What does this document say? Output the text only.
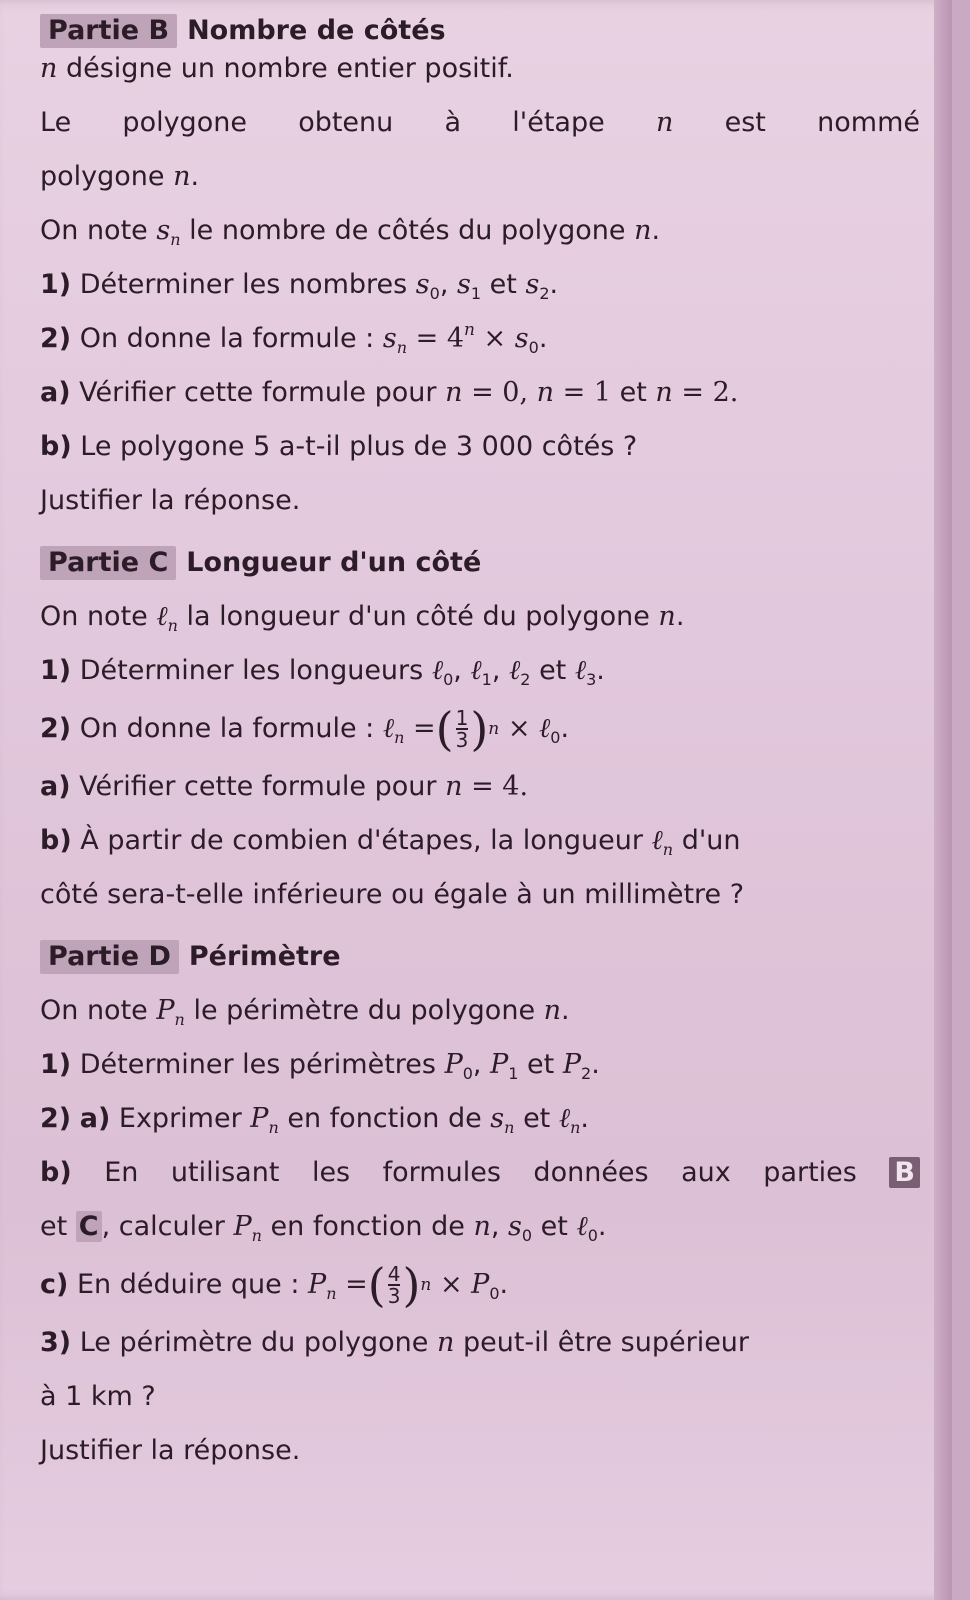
Partie B Nombre de côtés

n désigne un nombre entier positif.

Le polygone obtenu à l'étape n est nommé

polygone n.

On note $s_n$ le nombre de côtés du polygone n.

1) Déterminer les nombres $s_0$, $s_1$ et $s_2$.

2) On donne la formule : $s_n = 4^n \times s_0$.

a) Vérifier cette formule pour n = 0, n = 1 et n = 2.

b) Le polygone 5 a-t-il plus de 3 000 côtés ?

Justifier la réponse.

Partie C Longueur d'un côté

On note ℓ$_n$ la longueur d'un côté du polygone n.

1) Déterminer les longueurs ℓ$_0$, ℓ$_1$, ℓ$_2$ et ℓ$_3$.

2)
On donne la formule :
ℓ$_n$
= ( $\frac{1}{3}$ ) n
×
ℓ$_0$ .

a) Vérifier cette formule pour n = 4.

b) À partir de combien d'étapes, la longueur ℓ$_n$ d'un

côté sera-t-elle inférieure ou égale à un millimètre ?

Partie D Périmètre

On note $P_n$ le périmètre du polygone n.

1) Déterminer les périmètres $P_0$, $P_1$ et $P_2$.

2) a) Exprimer $P_n$ en fonction de $s_n$ et ℓ$_n$.

b) En utilisant les formules données aux parties B

et C , calculer $P_n$ en fonction de n, $s_0$ et ℓ$_0$.

c)
En déduire que :
$P_n$
= ( $\frac{4}{3}$ ) n
×
$P_0$ .

3) Le périmètre du polygone n peut-il être supérieur

à 1 km ?

Justifier la réponse.
